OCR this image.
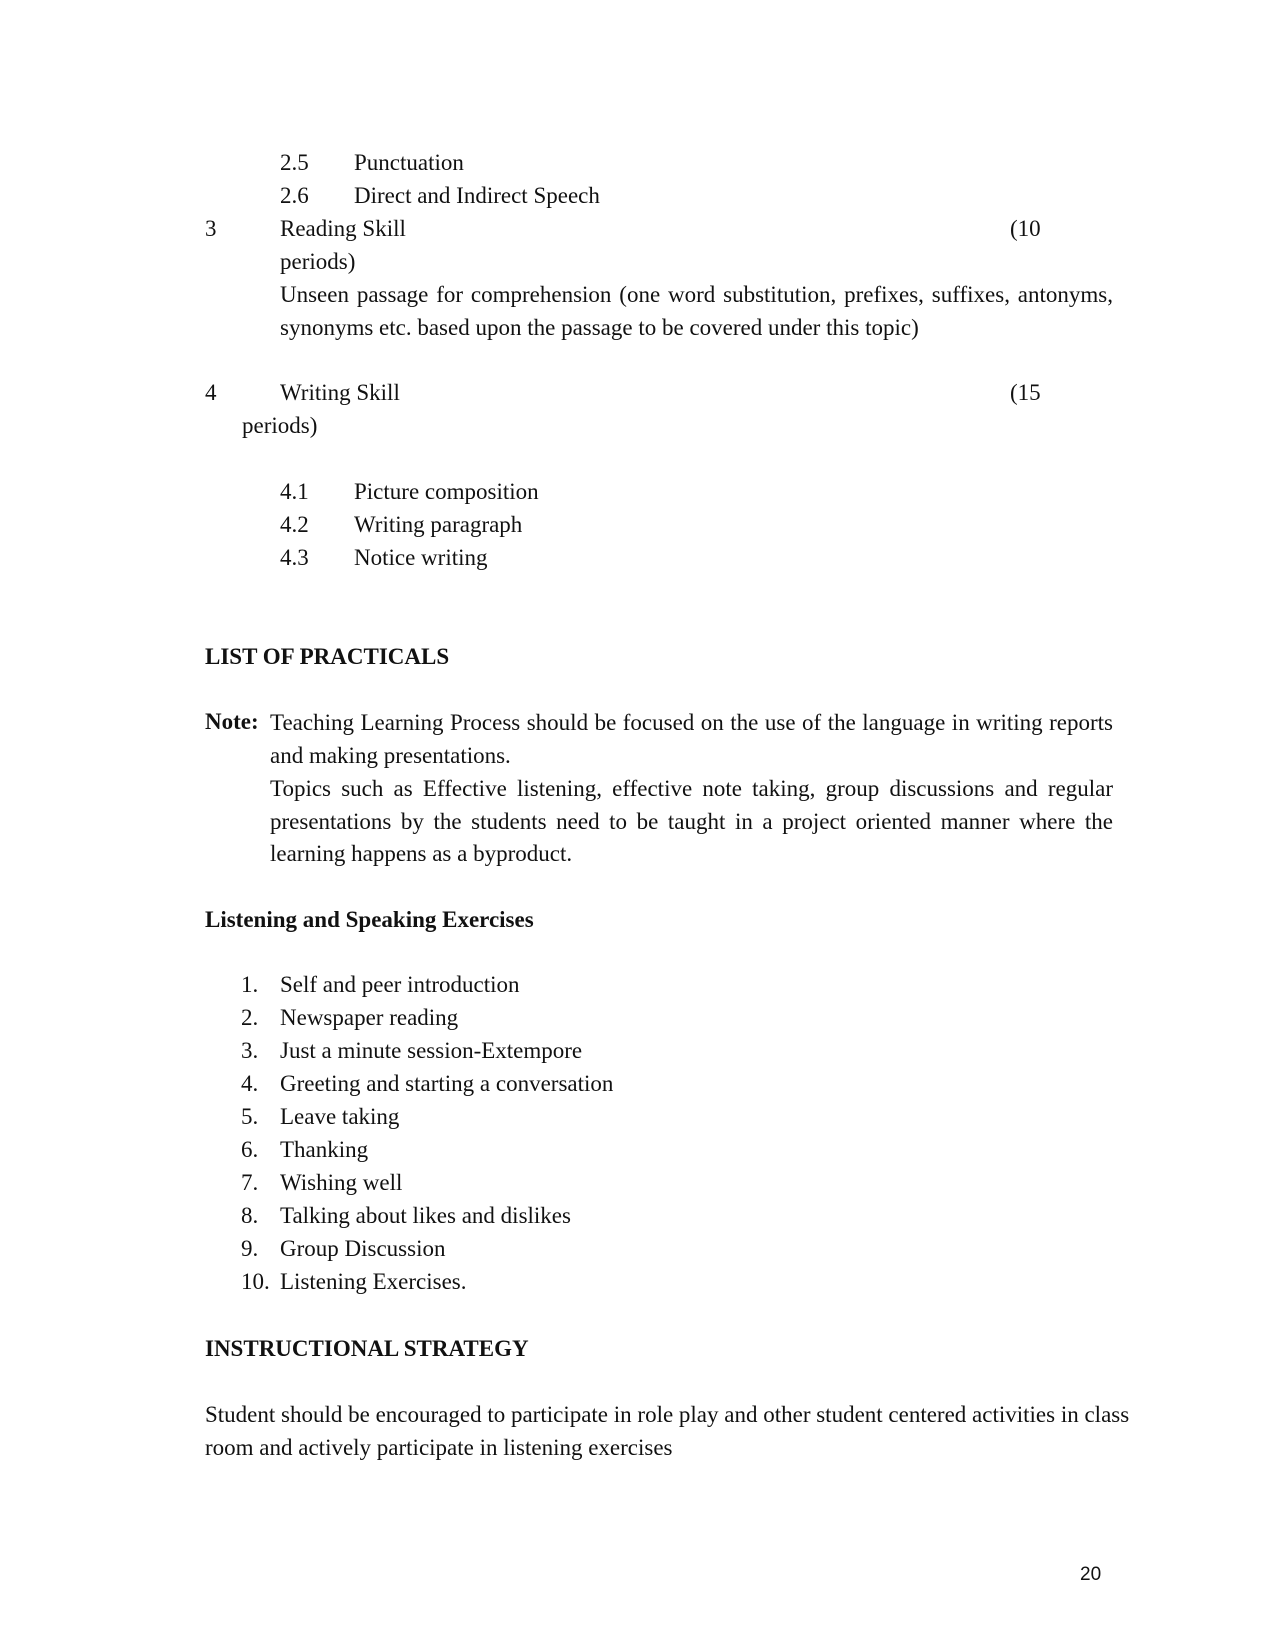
2.5 Punctuation
2.6 Direct and Indirect Speech
3	Reading Skill	(10
periods)
Unseen passage for comprehension (one word substitution, prefixes, suffixes, antonyms, synonyms etc. based upon the passage to be covered under this topic)
4	Writing Skill	(15
periods)
4.1 Picture composition
4.2 Writing paragraph
4.3 Notice writing
LIST OF PRACTICALS
Note: Teaching Learning Process should be focused on the use of the language in writing reports and making presentations.
Topics such as Effective listening, effective note taking, group discussions and regular presentations by the students need to be taught in a project oriented manner where the learning happens as a byproduct.
Listening and Speaking Exercises
1. Self and peer introduction
2. Newspaper reading
3. Just a minute session-Extempore
4. Greeting and starting a conversation
5. Leave taking
6. Thanking
7. Wishing well
8. Talking about likes and dislikes
9. Group Discussion
10. Listening Exercises.
INSTRUCTIONAL STRATEGY
Student should be encouraged to participate in role play and other student centered activities in class room and actively participate in listening exercises
20
